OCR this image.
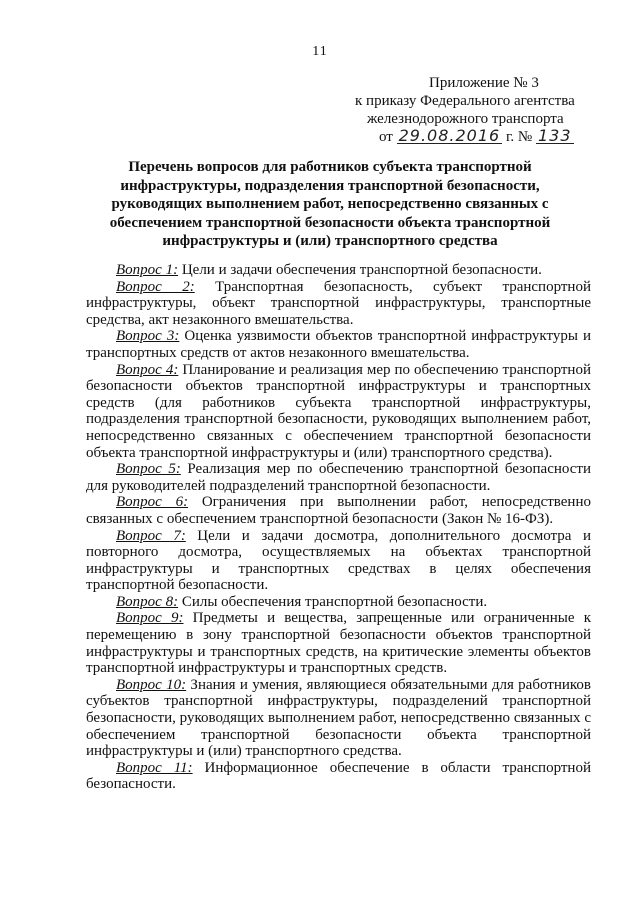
11
Приложение № 3
к приказу Федерального агентства
железнодорожного транспорта
от 29.08.2016 г. № 133
Перечень вопросов для работников субъекта транспортной инфраструктуры, подразделения транспортной безопасности, руководящих выполнением работ, непосредственно связанных с обеспечением транспортной безопасности объекта транспортной инфраструктуры и (или) транспортного средства

Вопрос 1: Цели и задачи обеспечения транспортной безопасности.

Вопрос 2: Транспортная безопасность, субъект транспортной инфраструктуры, объект транспортной инфраструктуры, транспортные средства, акт незаконного вмешательства.

Вопрос 3: Оценка уязвимости объектов транспортной инфраструктуры и транспортных средств от актов незаконного вмешательства.

Вопрос 4: Планирование и реализация мер по обеспечению транспортной безопасности объектов транспортной инфраструктуры и транспортных средств (для работников субъекта транспортной инфраструктуры, подразделения транспортной безопасности, руководящих выполнением работ, непосредственно связанных с обеспечением транспортной безопасности объекта транспортной инфраструктуры и (или) транспортного средства).

Вопрос 5: Реализация мер по обеспечению транспортной безопасности для руководителей подразделений транспортной безопасности.

Вопрос 6: Ограничения при выполнении работ, непосредственно связанных с обеспечением транспортной безопасности (Закон № 16-ФЗ).

Вопрос 7: Цели и задачи досмотра, дополнительного досмотра и повторного досмотра, осуществляемых на объектах транспортной инфраструктуры и транспортных средствах в целях обеспечения транспортной безопасности.

Вопрос 8: Силы обеспечения транспортной безопасности.

Вопрос 9: Предметы и вещества, запрещенные или ограниченные к перемещению в зону транспортной безопасности объектов транспортной инфраструктуры и транспортных средств, на критические элементы объектов транспортной инфраструктуры и транспортных средств.

Вопрос 10: Знания и умения, являющиеся обязательными для работников субъектов транспортной инфраструктуры, подразделений транспортной безопасности, руководящих выполнением работ, непосредственно связанных с обеспечением транспортной безопасности объекта транспортной инфраструктуры и (или) транспортного средства.

Вопрос 11: Информационное обеспечение в области транспортной безопасности.
